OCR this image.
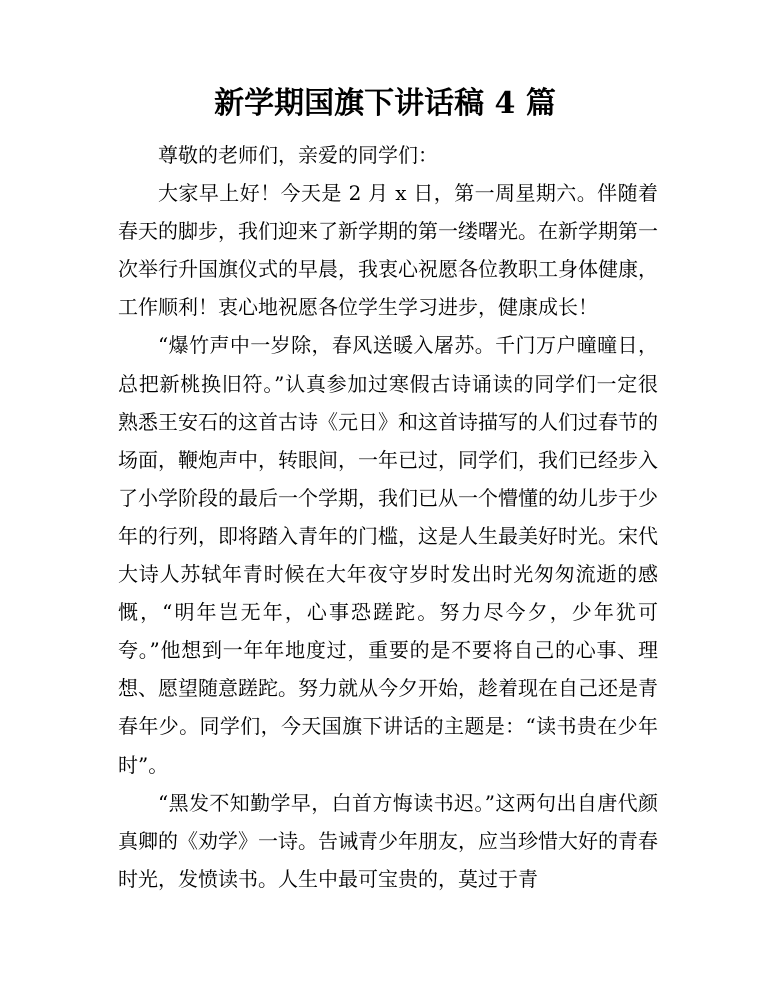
新学期国旗下讲话稿 4 篇

尊敬的老师们，亲爱的同学们：

大家早上好！今天是 2 月 x 日，第一周星期六。伴随着春天的脚步，我们迎来了新学期的第一缕曙光。在新学期第一次举行升国旗仪式的早晨，我衷心祝愿各位教职工身体健康，工作顺利！衷心地祝愿各位学生学习进步，健康成长！

“爆竹声中一岁除，春风送暖入屠苏。千门万户曈曈日，总把新桃换旧符。”认真参加过寒假古诗诵读的同学们一定很熟悉王安石的这首古诗《元日》和这首诗描写的人们过春节的场面，鞭炮声中，转眼间，一年已过，同学们，我们已经步入了小学阶段的最后一个学期，我们已从一个懵懂的幼儿步于少年的行列，即将踏入青年的门槛，这是人生最美好时光。宋代大诗人苏轼年青时候在大年夜守岁时发出时光匆匆流逝的感慨，“明年岂无年，心事恐蹉跎。努力尽今夕，少年犹可夸。”他想到一年年地度过，重要的是不要将自己的心事、理想、愿望随意蹉跎。努力就从今夕开始，趁着现在自己还是青春年少。同学们，今天国旗下讲话的主题是：“读书贵在少年时”。

“黑发不知勤学早，白首方悔读书迟。”这两句出自唐代颜真卿的《劝学》一诗。告诫青少年朋友，应当珍惜大好的青春时光，发愤读书。人生中最可宝贵的，莫过于青
